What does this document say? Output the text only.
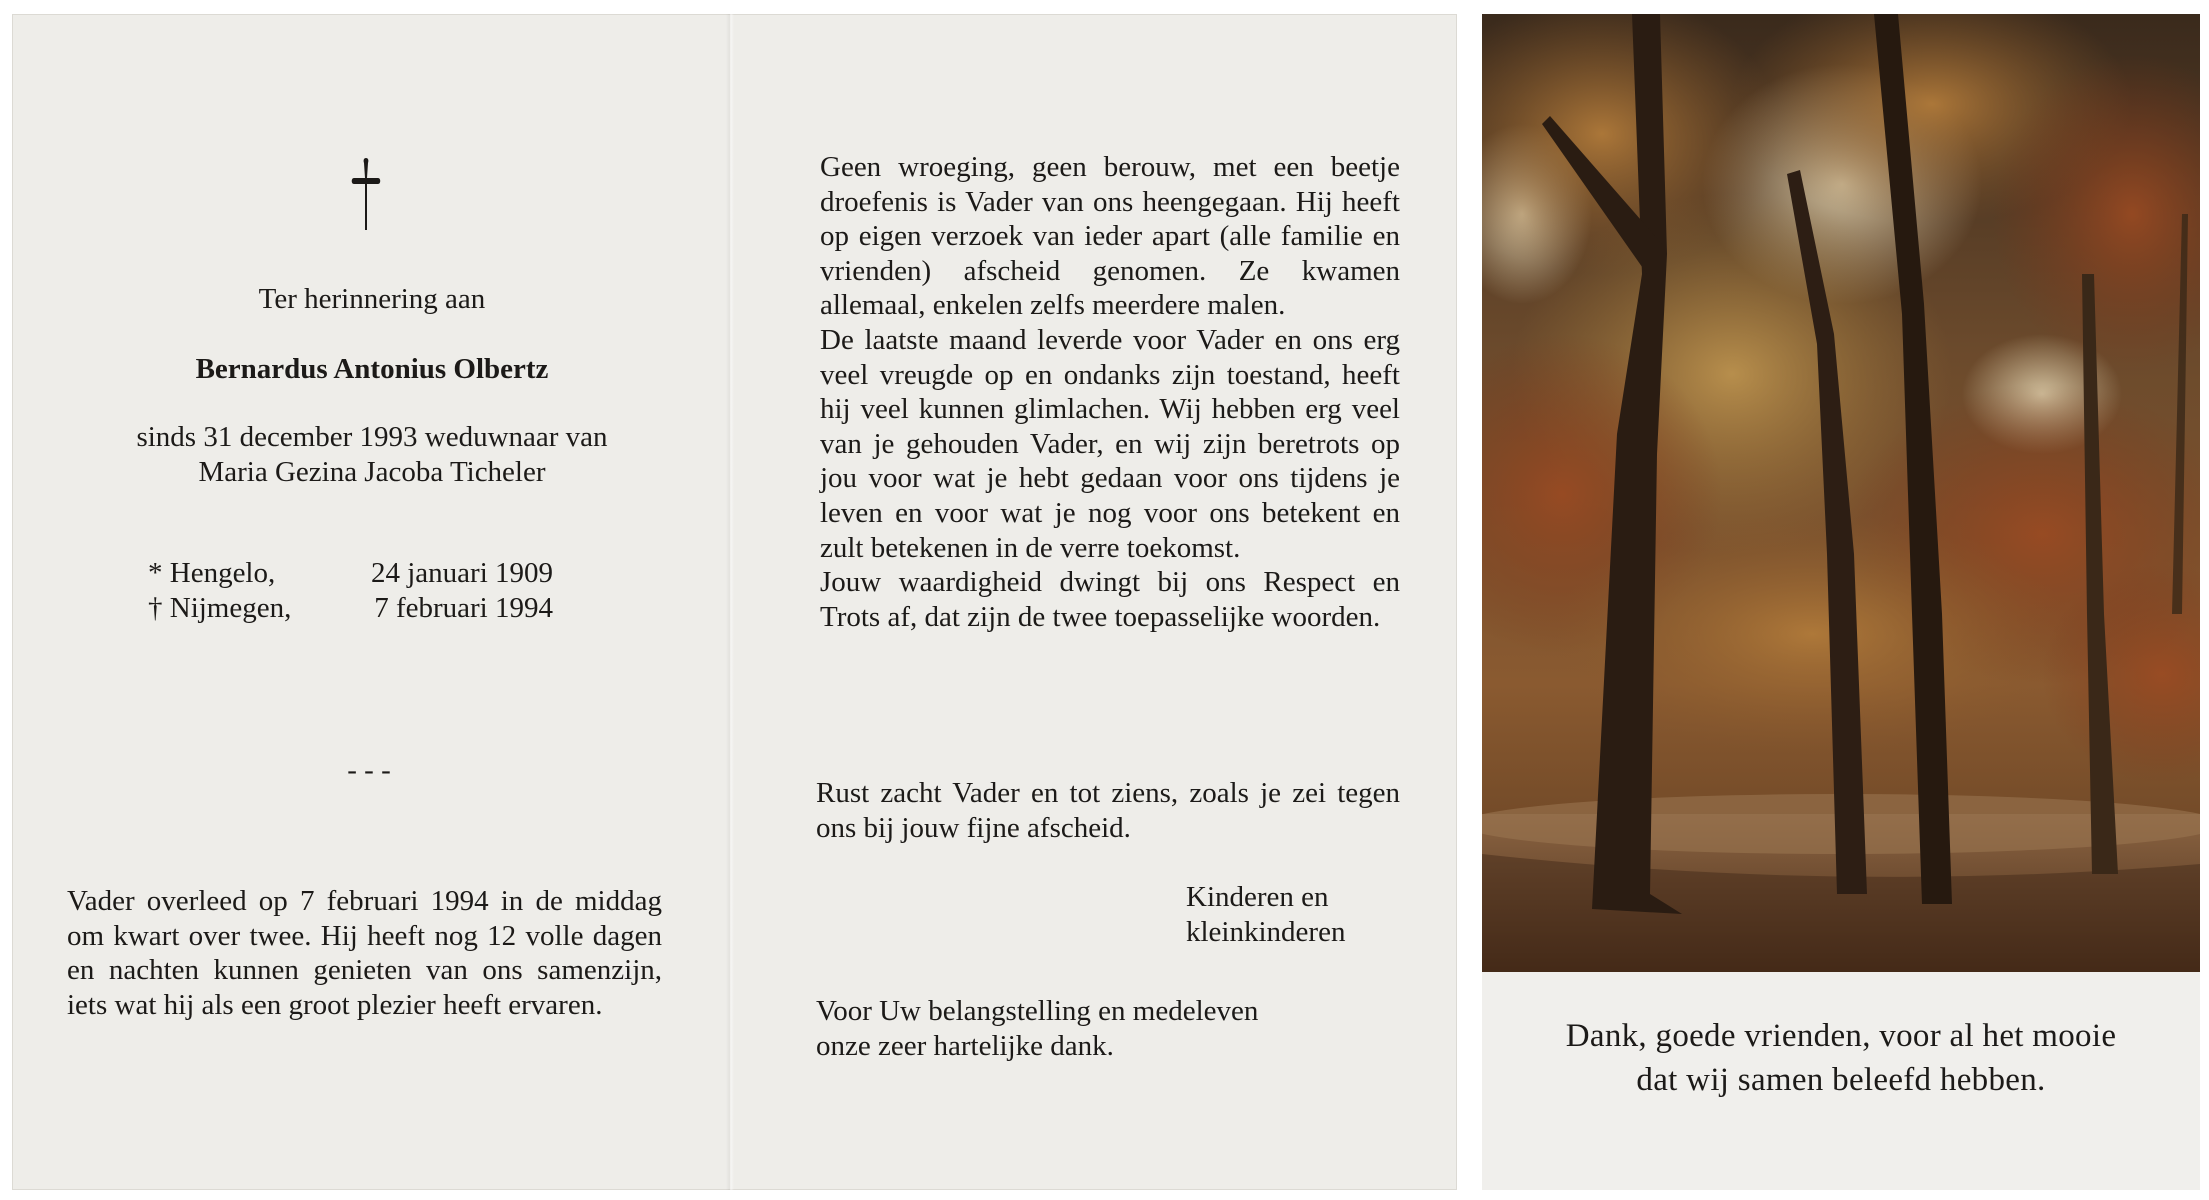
Ter herinnering aan
Bernardus Antonius Olbertz
sinds 31 december 1993 weduwnaar van
Maria Gezina Jacoba Ticheler
* Hengelo,	24 januari 1909
† Nijmegen,	7 februari 1994
- - -
Vader overleed op 7 februari 1994 in de middag om kwart over twee. Hij heeft nog 12 volle dagen en nachten kunnen genieten van ons samenzijn, iets wat hij als een groot plezier heeft ervaren.

Geen wroeging, geen berouw, met een beetje droefenis is Vader van ons heengegaan. Hij heeft op eigen verzoek van ieder apart (alle familie en vrienden) afscheid genomen. Ze kwamen allemaal, enkelen zelfs meerdere malen.

De laatste maand leverde voor Vader en ons erg veel vreugde op en ondanks zijn toestand, heeft hij veel kunnen glimlachen. Wij hebben erg veel van je gehouden Vader, en wij zijn beretrots op jou voor wat je hebt gedaan voor ons tijdens je leven en voor wat je nog voor ons betekent en zult betekenen in de verre toekomst.

Jouw waardigheid dwingt bij ons Respect en Trots af, dat zijn de twee toepasselijke woorden.

Rust zacht Vader en tot ziens, zoals je zei tegen ons bij jouw fijne afscheid.
Kinderen en
kleinkinderen
Voor Uw belangstelling en medeleven
onze zeer hartelijke dank.	Dank, goede vrienden, voor al het mooie
dat wij samen beleefd hebben.
